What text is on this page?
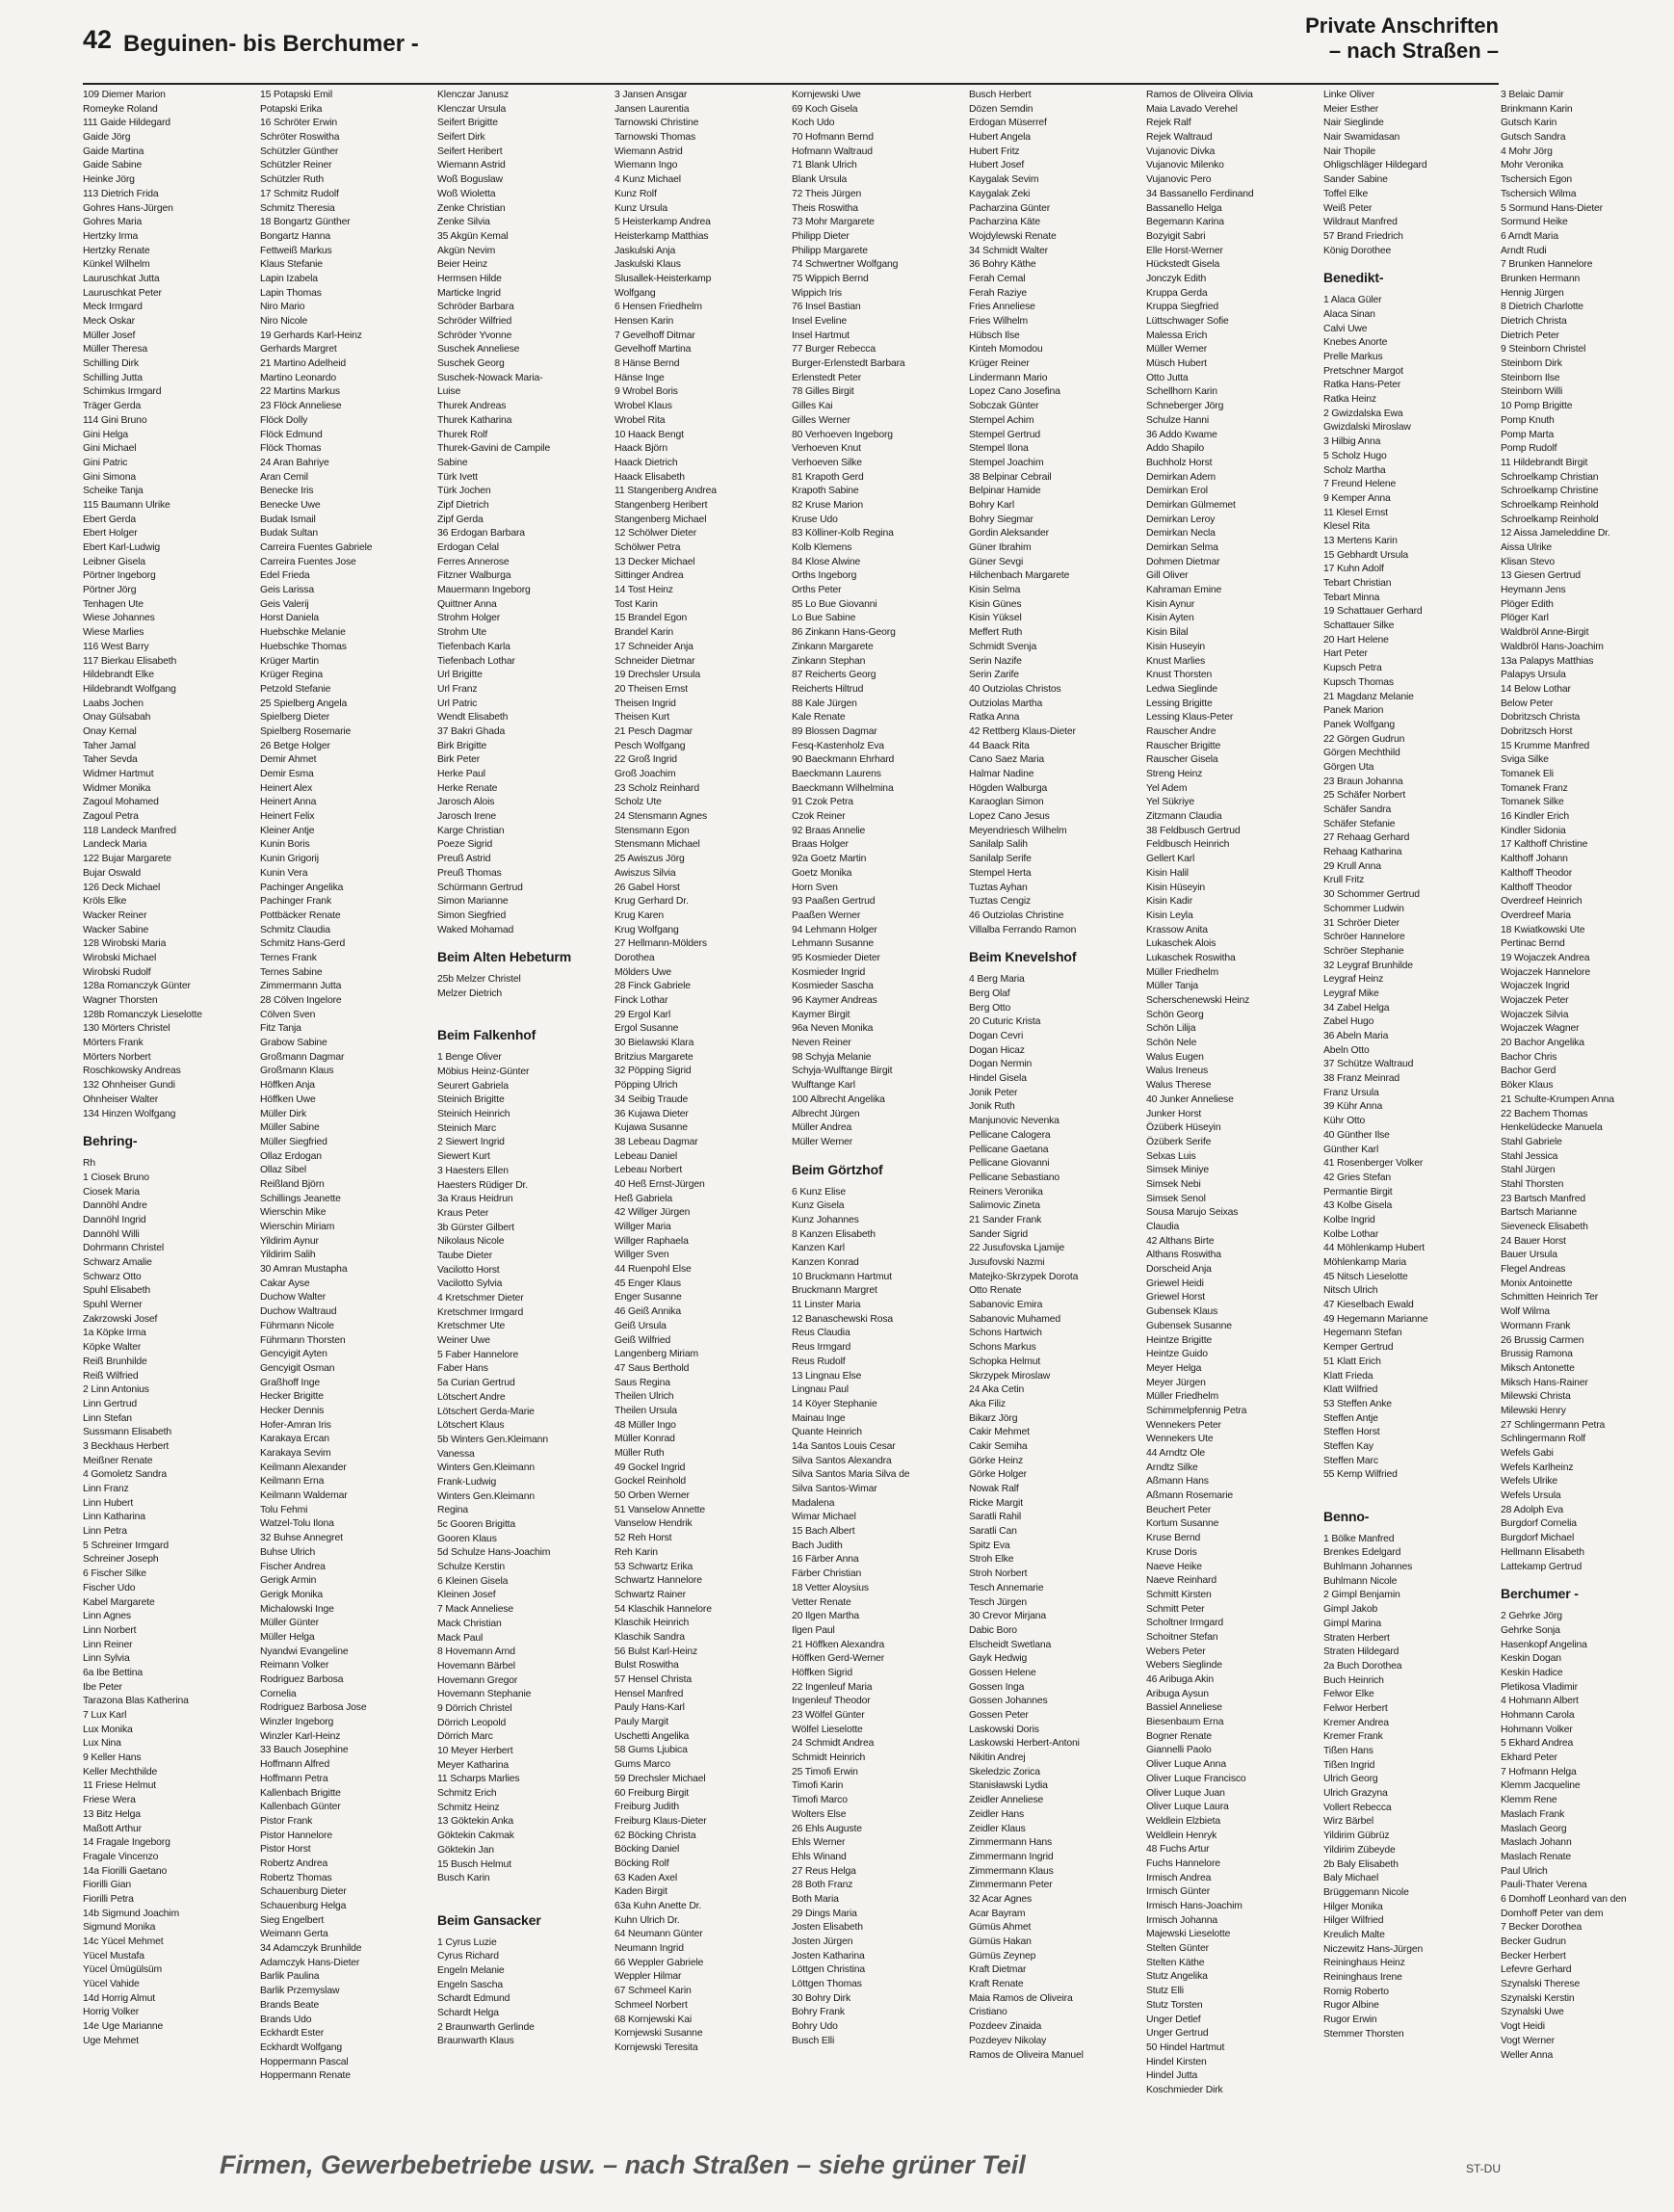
42 Beguinen- bis Berchumer -
Private Anschriften
– nach Straßen –
109 Diemer Marion
Romeyke Roland
111 Gaide Hildegard
Gaide Jörg
Gaide Martina
Gaide Sabine
Heinke Jörg
113 Dietrich Frida
Gohres Hans-Jürgen
Gohres Maria
Hertzky Irma
Hertzky Renate
Künkel Wilhelm
Lauruschkat Jutta
Lauruschkat Peter
Meck Irmgard
Meck Oskar
Müller Josef
Müller Theresa
Schilling Dirk
Schilling Jutta
Schimkus Irmgard
Träger Gerda
114 Gini Bruno
Gini Helga
Gini Michael
Gini Patric
Gini Simona
Scheike Tanja
115 Baumann Ulrike
Ebert Gerda
Ebert Holger
Ebert Karl-Ludwig
Leibner Gisela
Pörtner Ingeborg
Pörtner Jörg
Tenhagen Ute
Wiese Johannes
Wiese Marlies
116 West Barry
117 Bierkau Elisabeth
Hildebrandt Elke
Hildebrandt Wolfgang
Laabs Jochen
Onay Gülsabah
Onay Kemal
Taher Jamal
Taher Sevda
Widmer Hartmut
Widmer Monika
Zagoul Mohamed
Zagoul Petra
118 Landeck Manfred
Landeck Maria
122 Bujar Margarete
Bujar Oswald
126 Deck Michael
Kröls Elke
Wacker Reiner
Wacker Sabine
128 Wirobski Maria
Wirobski Michael
Wirobski Rudolf
128a Romanczyk Günter
Wagner Thorsten
128b Romanczyk Lieselotte
130 Mörters Christel
Mörters Frank
Mörters Norbert
Roschkowsky Andreas
132 Ohnheiser Gundi
Ohnheiser Walter
134 Hinzen Wolfgang
Behring-
Rh
1 Ciosek Bruno
Ciosek Maria
Dannöhl Andre
Dannöhl Ingrid
Dannöhl Willi
Dohrmann Christel
Schwarz Amalie
Schwarz Otto
Spuhl Elisabeth
Spuhl Werner
Zakrzowski Josef
1a Köpke Irma
Köpke Walter
Reiß Brunhilde
Reiß Wilfried
2 Linn Antonius
Linn Gertrud
Linn Stefan
Sussmann Elisabeth
3 Beckhaus Herbert
Meißner Renate
4 Gomoletz Sandra
Linn Franz
Linn Hubert
Linn Katharina
Linn Petra
5 Schreiner Irmgard
Schreiner Joseph
6 Fischer Silke
Fischer Udo
Kabel Margarete
Linn Agnes
Linn Norbert
Linn Reiner
Linn Sylvia
6a Ibe Bettina
Ibe Peter
Tarazona Blas Katherina
7 Lux Karl
Lux Monika
Lux Nina
9 Keller Hans
Keller Mechthilde
11 Friese Helmut
Friese Wera
13 Bitz Helga
Maßott Arthur
14 Fragale Ingeborg
Fragale Vincenzo
14a Fiorilli Gaetano
Fiorilli Gian
Fiorilli Petra
14b Sigmund Joachim
Sigmund Monika
14c Yücel Mehmet
Yücel Mustafa
Yücel Ümügülsüm
Yücel Vahide
14d Horrig Almut
Horrig Volker
14e Uge Marianne
Uge Mehmet
15 Potapski Emil
Potapski Erika
16 Schröter Erwin
Schröter Roswitha
Schützler Günther
Schützler Reiner
Schützler Ruth
17 Schmitz Rudolf
Schmitz Theresia
18 Bongartz Günther
Bongartz Hanna
Fettweiß Markus
Klaus Stefanie
Lapin Izabela
Lapin Thomas
Niro Mario
Niro Nicole
19 Gerhards Karl-Heinz
Gerhards Margret
21 Martino Adelheid
Martino Leonardo
22 Martins Markus
23 Flöck Anneliese
Flöck Dolly
Flöck Edmund
Flöck Thomas
24 Aran Bahriye
Aran Cemil
Benecke Iris
Benecke Uwe
Budak Ismail
Budak Sultan
Carreira Fuentes Gabriele
Carreira Fuentes Jose
Edel Frieda
Geis Larissa
Geis Valerij
Horst Daniela
Huebschke Melanie
Huebschke Thomas
Krüger Martin
Krüger Regina
Petzold Stefanie
25 Spielberg Angela
Spielberg Dieter
Spielberg Rosemarie
26 Betge Holger
Demir Ahmet
Demir Esma
Heinert Alex
Heinert Anna
Heinert Felix
Kleiner Antje
Kunin Boris
Kunin Grigorij
Kunin Vera
Pachinger Angelika
Pachinger Frank
Pottbäcker Renate
Schmitz Claudia
Schmitz Hans-Gerd
Ternes Frank
Ternes Sabine
Zimmermann Jutta
28 Cölven Ingelore
Cölven Sven
Fitz Tanja
Grabow Sabine
Großmann Dagmar
Großmann Klaus
Höffken Anja
Höffken Uwe
Müller Dirk
Müller Sabine
Müller Siegfried
Ollaz Erdogan
Ollaz Sibel
Reißland Björn
Schillings Jeanette
Wierschin Mike
Wierschin Miriam
Yildirim Aynur
Yildirim Salih
30 Amran Mustapha
Cakar Ayse
Duchow Walter
Duchow Waltraud
Führmann Nicole
Führmann Thorsten
Gencyigit Ayten
Gencyigit Osman
Graßhoff Inge
Hecker Brigitte
Hecker Dennis
Hofer-Amran Iris
Karakaya Ercan
Karakaya Sevim
Keilmann Alexander
Keilmann Erna
Keilmann Waldemar
Tolu Fehmi
Watzel-Tolu Ilona
32 Buhse Annegret
Buhse Ulrich
Fischer Andrea
Gerigk Armin
Gerigk Monika
Michalowski Inge
Müller Günter
Müller Helga
Nyandwi Evangeline
Reimann Volker
Rodriguez Barbosa
Cornelia
Rodriguez Barbosa Jose
Winzler Ingeborg
Winzler Karl-Heinz
33 Bauch Josephine
Hoffmann Alfred
Hoffmann Petra
Kallenbach Brigitte
Kallenbach Günter
Pistor Frank
Pistor Hannelore
Pistor Horst
Robertz Andrea
Robertz Thomas
Schauenburg Dieter
Schauenburg Helga
Sieg Engelbert
Weimann Gerta
34 Adamczyk Brunhilde
Adamczyk Hans-Dieter
Barlik Paulina
Barlik Przemyslaw
Brands Beate
Brands Udo
Eckhardt Ester
Eckhardt Wolfgang
Hoppermann Pascal
Hoppermann Renate
Klenczar Janusz
Klenczar Ursula
Seifert Brigitte
Seifert Dirk
Seifert Heribert
Wiemann Astrid
Woß Boguslaw
Woß Wioletta
Zenke Christian
Zenke Silvia
35 Akgün Kemal
Akgün Nevim
Beier Heinz
Hermsen Hilde
Marticke Ingrid
Schröder Barbara
Schröder Wilfried
Schröder Yvonne
Suschek Anneliese
Suschek Georg
Suschek-Nowack Maria-
Luise
Thurek Andreas
Thurek Katharina
Thurek Rolf
Thurek-Gavini de Campile
Sabine
Türk Ivett
Türk Jochen
Zipf Dietrich
Zipf Gerda
36 Erdogan Barbara
Erdogan Celal
Ferres Annerose
Fitzner Walburga
Mauermann Ingeborg
Quittner Anna
Strohm Holger
Strohm Ute
Tiefenbach Karla
Tiefenbach Lothar
Url Brigitte
Url Franz
Url Patric
Wendt Elisabeth
37 Bakri Ghada
Birk Brigitte
Birk Peter
Herke Paul
Herke Renate
Jarosch Alois
Jarosch Irene
Karge Christian
Poeze Sigrid
Preuß Astrid
Preuß Thomas
Schürmann Gertrud
Simon Marianne
Simon Siegfried
Waked Mohamad
Beim Alten Hebeturm
25b Melzer Christel
Melzer Dietrich
Beim Falkenhof
1 Benge Oliver
Möbius Heinz-Günter
Seurert Gabriela
Steinich Brigitte
Steinich Heinrich
Steinich Marc
2 Siewert Ingrid
Siewert Kurt
3 Haesters Ellen
Haesters Rüdiger Dr.
3a Kraus Heidrun
Kraus Peter
3b Gürster Gilbert
Nikolaus Nicole
Taube Dieter
Vacilotto Horst
Vacilotto Sylvia
4 Kretschmer Dieter
Kretschmer Irmgard
Kretschmer Ute
Weiner Uwe
5 Faber Hannelore
Faber Hans
5a Curian Gertrud
Lötschert Andre
Lötschert Gerda-Marie
Lötschert Klaus
5b Winters Gen.Kleimann
Vanessa
Winters Gen.Kleimann
Frank-Ludwig
Winters Gen.Kleimann
Regina
5c Gooren Brigitta
Gooren Klaus
5d Schulze Hans-Joachim
Schulze Kerstin
6 Kleinen Gisela
Kleinen Josef
7 Mack Anneliese
Mack Christian
Mack Paul
8 Hovemann Arnd
Hovemann Bärbel
Hovemann Gregor
Hovemann Stephanie
9 Dörrich Christel
Dörrich Leopold
Dörrich Marc
10 Meyer Herbert
Meyer Katharina
11 Scharps Marlies
Schmitz Erich
Schmitz Heinz
13 Göktekin Anka
Göktekin Cakmak
Göktekin Jan
15 Busch Helmut
Busch Karin
Beim Gansacker
1 Cyrus Luzie
Cyrus Richard
Engeln Melanie
Engeln Sascha
Schardt Edmund
Schardt Helga
2 Braunwarth Gerlinde
Braunwarth Klaus
3 Jansen Ansgar
Jansen Laurentia
Tarnowski Christine
Tarnowski Thomas
Wiemann Astrid
Wiemann Ingo
4 Kunz Michael
Kunz Rolf
Kunz Ursula
5 Heisterkamp Andrea
Heisterkamp Matthias
Jaskulski Anja
Jaskulski Klaus
Slusallek-Heisterkamp
Wolfgang
6 Hensen Friedhelm
Hensen Karin
7 Gevelhoff Ditmar
Gevelhoff Martina
8 Hänse Bernd
Hänse Inge
9 Wrobel Boris
Wrobel Klaus
Wrobel Rita
10 Haack Bengt
Haack Björn
Haack Dietrich
Haack Elisabeth
11 Stangenberg Andrea
Stangenberg Heribert
Stangenberg Michael
12 Schölwer Dieter
Schölwer Petra
13 Decker Michael
Sittinger Andrea
14 Tost Heinz
Tost Karin
15 Brandel Egon
Brandel Karin
17 Schneider Anja
Schneider Dietmar
19 Drechsler Ursula
20 Theisen Ernst
Theisen Ingrid
Theisen Kurt
21 Pesch Dagmar
Pesch Wolfgang
22 Groß Ingrid
Groß Joachim
23 Scholz Reinhard
Scholz Ute
24 Stensmann Agnes
Stensmann Egon
Stensmann Michael
25 Awiszus Jörg
Awiszus Silvia
26 Gabel Horst
Krug Gerhard Dr.
Krug Karen
Krug Wolfgang
27 Hellmann-Mölders
Dorothea
Mölders Uwe
28 Finck Gabriele
Finck Lothar
29 Ergol Karl
Ergol Susanne
30 Bielawski Klara
Britzius Margarete
32 Pöpping Sigrid
Pöpping Ulrich
34 Seibig Traude
36 Kujawa Dieter
Kujawa Susanne
38 Lebeau Dagmar
Lebeau Daniel
Lebeau Norbert
40 Heß Ernst-Jürgen
Heß Gabriela
42 Willger Jürgen
Willger Maria
Willger Raphaela
Willger Sven
44 Ruenpohl Else
45 Enger Klaus
Enger Susanne
46 Geiß Annika
Geiß Ursula
Geiß Wilfried
Langenberg Miriam
47 Saus Berthold
Saus Regina
Theilen Ulrich
Theilen Ursula
48 Müller Ingo
Müller Konrad
Müller Ruth
49 Gockel Ingrid
Gockel Reinhold
50 Orben Werner
51 Vanselow Annette
Vanselow Hendrik
52 Reh Horst
Reh Karin
53 Schwartz Erika
Schwartz Hannelore
Schwartz Rainer
54 Klaschik Hannelore
Klaschik Heinrich
Klaschik Sandra
56 Bulst Karl-Heinz
Bulst Roswitha
57 Hensel Christa
Hensel Manfred
Pauly Hans-Karl
Pauly Margit
Uschetti Angelika
58 Gums Ljubica
Gums Marco
59 Drechsler Michael
60 Freiburg Birgit
Freiburg Judith
Freiburg Klaus-Dieter
62 Böcking Christa
Böcking Daniel
Böcking Rolf
63 Kaden Axel
Kaden Birgit
63a Kuhn Anette Dr.
Kuhn Ulrich Dr.
64 Neumann Günter
Neumann Ingrid
66 Weppler Gabriele
Weppler Hilmar
67 Schmeel Karin
Schmeel Norbert
68 Kornjewski Kai
Kornjewski Susanne
Kornjewski Teresita
Kornjewski Uwe
69 Koch Gisela
Koch Udo
70 Hofmann Bernd
Hofmann Waltraud
71 Blank Ulrich
Blank Ursula
72 Theis Jürgen
Theis Roswitha
73 Mohr Margarete
Philipp Dieter
Philipp Margarete
74 Schwertner Wolfgang
75 Wippich Bernd
Wippich Iris
76 Insel Bastian
Insel Eveline
Insel Hartmut
77 Burger Rebecca
Burger-Erlenstedt Barbara
Erlenstedt Peter
78 Gilles Birgit
Gilles Kai
Gilles Werner
80 Verhoeven Ingeborg
Verhoeven Knut
Verhoeven Silke
81 Krapoth Gerd
Krapoth Sabine
82 Kruse Marion
Kruse Udo
83 Kölliner-Kolb Regina
Kolb Klemens
84 Klose Alwine
Orths Ingeborg
Orths Peter
85 Lo Bue Giovanni
Lo Bue Sabine
86 Zinkann Hans-Georg
Zinkann Margarete
Zinkann Stephan
87 Reicherts Georg
Reicherts Hiltrud
88 Kale Jürgen
Kale Renate
89 Blossen Dagmar
Fesq-Kastenholz Eva
90 Baeckmann Ehrhard
Baeckmann Laurens
Baeckmann Wilhelmina
91 Czok Petra
Czok Reiner
92 Braas Annelie
Braas Holger
92a Goetz Martin
Goetz Monika
Horn Sven
93 Paaßen Gertrud
Paaßen Werner
94 Lehmann Holger
Lehmann Susanne
95 Kosmieder Dieter
Kosmieder Ingrid
Kosmieder Sascha
96 Kaymer Andreas
Kaymer Birgit
96a Neven Monika
Neven Reiner
98 Schyja Melanie
Schyja-Wulftange Birgit
Wulftange Karl
100 Albrecht Angelika
Albrecht Jürgen
Müller Andrea
Müller Werner
Beim Görtzhof
6 Kunz Elise
Kunz Gisela
Kunz Johannes
8 Kanzen Elisabeth
Kanzen Karl
Kanzen Konrad
10 Bruckmann Hartmut
Bruckmann Margret
11 Linster Maria
12 Banaschewski Rosa
Reus Claudia
Reus Irmgard
Reus Rudolf
13 Lingnau Else
Lingnau Paul
14 Köyer Stephanie
Mainau Inge
Quante Heinrich
14a Santos Louis Cesar
Silva Santos Alexandra
Silva Santos Maria Silva de
Silva Santos-Wimar
Madalena
Wimar Michael
15 Bach Albert
Bach Judith
16 Färber Anna
Färber Christian
18 Vetter Aloysius
Vetter Renate
20 Ilgen Martha
Ilgen Paul
21 Höffken Alexandra
Höffken Gerd-Werner
Höffken Sigrid
22 Ingenleuf Maria
Ingenleuf Theodor
23 Wölfel Günter
Wölfel Lieselotte
24 Schmidt Andrea
Schmidt Heinrich
25 Timofi Erwin
Timofi Karin
Timofi Marco
Wolters Else
26 Ehls Auguste
Ehls Werner
Ehls Winand
27 Reus Helga
28 Both Franz
Both Maria
29 Dings Maria
Josten Elisabeth
Josten Jürgen
Josten Katharina
Löttgen Christina
Löttgen Thomas
30 Bohry Dirk
Bohry Frank
Bohry Udo
Busch Elli
Busch Herbert
Dözen Semdin
Erdogan Müserref
Hubert Angela
Hubert Fritz
Hubert Josef
Kaygalak Sevim
Kaygalak Zeki
Pacharzina Günter
Pacharzina Käte
Wojdylewski Renate
34 Schmidt Walter
36 Bohry Käthe
Ferah Cemal
Ferah Raziye
Fries Anneliese
Fries Wilhelm
Hübsch Ilse
Kinteh Momodou
Krüger Reiner
Lindermann Mario
Lopez Cano Josefina
Sobczak Günter
Stempel Achim
Stempel Gertrud
Stempel Ilona
Stempel Joachim
38 Belpinar Cebrail
Belpinar Hamide
Bohry Karl
Bohry Siegmar
Gordin Aleksander
Güner Ibrahim
Güner Sevgi
Hilchenbach Margarete
Kisin Selma
Kisin Günes
Kisin Yüksel
Meffert Ruth
Schmidt Svenja
Serin Nazife
Serin Zarife
40 Outziolas Christos
Outziolas Martha
Ratka Anna
42 Rettberg Klaus-Dieter
44 Baack Rita
Cano Saez Maria
Halmar Nadine
Högden Walburga
Karaoglan Simon
Lopez Cano Jesus
Meyendriesch Wilhelm
Sanilalp Salih
Sanilalp Serife
Stempel Herta
Tuztas Ayhan
Tuztas Cengiz
46 Outziolas Christine
Villalba Ferrando Ramon
Beim Knevelshof
4 Berg Maria
Berg Olaf
Berg Otto
20 Cuturic Krista
Dogan Cevri
Dogan Hicaz
Dogan Nermin
Hindel Gisela
Jonik Peter
Jonik Ruth
Manjunovic Nevenka
Pellicane Calogera
Pellicane Gaetana
Pellicane Giovanni
Pellicane Sebastiano
Reiners Veronika
Salimovic Zineta
21 Sander Frank
Sander Sigrid
22 Jusufovska Ljamije
Jusufovski Nazmi
Matejko-Skrzypek Dorota
Otto Renate
Sabanovic Emira
Sabanovic Muhamed
Schons Hartwich
Schons Markus
Schopka Helmut
Skrzypek Miroslaw
24 Aka Cetin
Aka Filiz
Bikarz Jörg
Cakir Mehmet
Cakir Semiha
Görke Heinz
Görke Holger
Nowak Ralf
Ricke Margit
Saratli Rahil
Saratli Can
Spitz Eva
Stroh Elke
Stroh Norbert
Tesch Annemarie
Tesch Jürgen
30 Crevor Mirjana
Dabic Boro
Elscheidt Swetlana
Gayk Hedwig
Gossen Helene
Gossen Inga
Gossen Johannes
Gossen Peter
Laskowski Doris
Laskowski Herbert-Antoni
Nikitin Andrej
Skeledzic Zorica
Stanisławski Lydia
Zeidler Anneliese
Zeidler Hans
Zeidler Klaus
Zimmermann Hans
Zimmermann Ingrid
Zimmermann Klaus
Zimmermann Peter
32 Acar Agnes
Acar Bayram
Gümüs Ahmet
Gümüs Hakan
Gümüs Zeynep
Kraft Dietmar
Kraft Renate
Maia Ramos de Oliveira
Cristiano
Pozdeev Zinaida
Pozdeyev Nikolay
Ramos de Oliveira Manuel
Ramos de Oliveira Olivia
Maia Lavado Verehel
Rejek Ralf
Rejek Waltraud
Vujanovic Divka
Vujanovic Milenko
Vujanovic Pero
34 Bassanello Ferdinand
Bassanello Helga
Begemann Karina
Bozyigit Sabri
Elle Horst-Werner
Hückstedt Gisela
Jonczyk Edith
Kruppa Gerda
Kruppa Siegfried
Lüttschwager Sofie
Malessa Erich
Müller Werner
Müsch Hubert
Otto Jutta
Schellhorn Karin
Schneberger Jörg
Schulze Hanni
36 Addo Kwame
Addo Shapilo
Buchholz Horst
Demirkan Adem
Demirkan Erol
Demirkan Gülmemet
Demirkan Leroy
Demirkan Necla
Demirkan Selma
Dohmen Dietmar
Gill Oliver
Kahraman Emine
Kisin Aynur
Kisin Ayten
Kisin Bilal
Kisin Huseyin
Knust Marlies
Knust Thorsten
Ledwa Sieglinde
Lessing Brigitte
Lessing Klaus-Peter
Rauscher Andre
Rauscher Brigitte
Rauscher Gisela
Streng Heinz
Yel Adem
Yel Sükriye
Zitzmann Claudia
38 Feldbusch Gertrud
Feldbusch Heinrich
Gellert Karl
Kisin Halil
Kisin Hüseyin
Kisin Kadir
Kisin Leyla
Krassow Anita
Lukaschek Alois
Lukaschek Roswitha
Müller Friedhelm
Müller Tanja
Scherschenewski Heinz
Schön Georg
Schön Lilija
Schön Nele
Walus Eugen
Walus Ireneus
Walus Therese
40 Junker Anneliese
Junker Horst
Özüberk Hüseyin
Özüberk Serife
Selxas Luis
Simsek Miniye
Simsek Nebi
Simsek Senol
Sousa Marujo Seixas
Claudia
42 Althans Birte
Althans Roswitha
Dorscheid Anja
Griewel Heidi
Griewel Horst
Gubensek Klaus
Gubensek Susanne
Heintze Brigitte
Heintze Guido
Meyer Helga
Meyer Jürgen
Müller Friedhelm
Schimmelpfennig Petra
Wennekers Peter
Wennekers Ute
44 Arndtz Ole
Arndtz Silke
Aßmann Hans
Aßmann Rosemarie
Beuchert Peter
Kortum Susanne
Kruse Bernd
Kruse Doris
Naeve Heike
Naeve Reinhard
Schmitt Kirsten
Schmitt Peter
Scholtner Irmgard
Schoitner Stefan
Webers Peter
Webers Sieglinde
46 Aribuga Akin
Aribuga Aysun
Bassiel Anneliese
Biesenbaum Erna
Bogner Renate
Giannelli Paolo
Oliver Luque Anna
Oliver Luque Francisco
Oliver Luque Juan
Oliver Luque Laura
Weldlein Elzbieta
Weldlein Henryk
48 Fuchs Artur
Fuchs Hannelore
Irmisch Andrea
Irmisch Günter
Irmisch Hans-Joachim
Irmisch Johanna
Majewski Lieselotte
Stelten Günter
Stelten Käthe
Stutz Angelika
Stutz Elli
Stutz Torsten
Unger Detlef
Unger Gertrud
50 Hindel Hartmut
Hindel Kirsten
Hindel Jutta
Koschmieder Dirk
Linke Oliver
Meier Esther
Nair Sieglinde
Nair Swamidasan
Nair Thopile
Ohligschläger Hildegard
Sander Sabine
Toffel Elke
Weiß Peter
Wildraut Manfred
57 Brand Friedrich
König Dorothee
Benedikt-
1 Alaca Güler
Alaca Sinan
Calvi Uwe
Knebes Anorte
Prelle Markus
Pretschner Margot
Ratka Hans-Peter
Ratka Heinz
2 Gwizdalska Ewa
Gwizdalski Miroslaw
3 Hilbig Anna
5 Scholz Hugo
Scholz Martha
7 Freund Helene
9 Kemper Anna
11 Klesel Ernst
Klesel Rita
13 Mertens Karin
15 Gebhardt Ursula
17 Kuhn Adolf
Tebart Christian
Tebart Minna
19 Schattauer Gerhard
Schattauer Silke
20 Hart Helene
Hart Peter
Kupsch Petra
Kupsch Thomas
21 Magdanz Melanie
Panek Marion
Panek Wolfgang
22 Görgen Gudrun
Görgen Mechthild
Görgen Uta
23 Braun Johanna
25 Schäfer Norbert
Schäfer Sandra
Schäfer Stefanie
27 Rehaag Gerhard
Rehaag Katharina
29 Krull Anna
Krull Fritz
30 Schommer Gertrud
Schommer Ludwin
31 Schröer Dieter
Schröer Hannelore
Schröer Stephanie
32 Leygraf Brunhilde
Leygraf Heinz
Leygraf Mike
34 Zabel Helga
Zabel Hugo
36 Abeln Maria
Abeln Otto
37 Schütze Waltraud
38 Franz Meinrad
Franz Ursula
39 Kühr Anna
Kühr Otto
40 Günther Ilse
Günther Karl
41 Rosenberger Volker
42 Gries Stefan
Permantie Birgit
43 Kolbe Gisela
Kolbe Ingrid
Kolbe Lothar
44 Möhlenkamp Hubert
Möhlenkamp Maria
45 Nitsch Lieselotte
Nitsch Ulrich
47 Kieselbach Ewald
49 Hegemann Marianne
Hegemann Stefan
Kemper Gertrud
51 Klatt Erich
Klatt Frieda
Klatt Wilfried
53 Steffen Anke
Steffen Antje
Steffen Horst
Steffen Kay
Steffen Marc
55 Kemp Wilfried
Benno-
1 Bölke Manfred
Brenkes Edelgard
Buhlmann Johannes
Buhlmann Nicole
2 Gimpl Benjamin
Gimpl Jakob
Gimpl Marina
Straten Herbert
Straten Hildegard
2a Buch Dorothea
Buch Heinrich
Felwor Elke
Felwor Herbert
Kremer Andrea
Kremer Frank
Tißen Hans
Tißen Ingrid
Ulrich Georg
Ulrich Grazyna
Vollert Rebecca
Wirz Bärbel
Yildirim Gübrüz
Yildirim Zübeyde
2b Baly Elisabeth
Baly Michael
Brüggemann Nicole
Hilger Monika
Hilger Wilfried
Kreulich Malte
Niczewitz Hans-Jürgen
Reininghaus Heinz
Reininghaus Irene
Romig Roberto
Rugor Albine
Rugor Erwin
Stemmer Thorsten
3 Belaic Damir
Brinkmann Karin
Gutsch Karin
Gutsch Sandra
4 Mohr Jörg
Mohr Veronika
Tschersich Egon
Tschersich Wilma
5 Sormund Hans-Dieter
Sormund Heike
6 Arndt Maria
Arndt Rudi
7 Brunken Hannelore
Brunken Hermann
Hennig Jürgen
8 Dietrich Charlotte
Dietrich Christa
Dietrich Peter
9 Steinborn Christel
Steinborn Dirk
Steinborn Ilse
Steinborn Willi
10 Pomp Brigitte
Pomp Knuth
Pomp Marta
Pomp Rudolf
11 Hildebrandt Birgit
Schroelkamp Christian
Schroelkamp Christine
Schroelkamp Reinhold
Schroelkamp Reinhold
12 Aissa Jameleddine Dr.
Aissa Ulrike
Klisan Stevo
13 Giesen Gertrud
Heymann Jens
Plöger Edith
Plöger Karl
Waldbröl Anne-Birgit
Waldbröl Hans-Joachim
13a Palapys Matthias
Palapys Ursula
14 Below Lothar
Below Peter
Dobritzsch Christa
Dobritzsch Horst
15 Krumme Manfred
Sviga Silke
Tomanek Eli
Tomanek Franz
Tomanek Silke
16 Kindler Erich
Kindler Sidonia
17 Kalthoff Christine
Kalthoff Johann
Kalthoff Theodor
Kalthoff Theodor
Overdreef Heinrich
Overdreef Maria
18 Kwiatkowski Ute
Pertinac Bernd
19 Wojaczek Andrea
Wojaczek Hannelore
Wojaczek Ingrid
Wojaczek Peter
Wojaczek Silvia
Wojaczek Wagner
20 Bachor Angelika
Bachor Chris
Bachor Gerd
Böker Klaus
21 Schulte-Krumpen Anna
22 Bachem Thomas
Henkelüdecke Manuela
Stahl Gabriele
Stahl Jessica
Stahl Jürgen
Stahl Thorsten
23 Bartsch Manfred
Bartsch Marianne
Sieveneck Elisabeth
24 Bauer Horst
Bauer Ursula
Flegel Andreas
Monix Antoinette
Schmitten Heinrich Ter
Wolf Wilma
Wormann Frank
26 Brussig Carmen
Brussig Ramona
Miksch Antonette
Miksch Hans-Rainer
Milewski Christa
Milewski Henry
27 Schlingermann Petra
Schlingermann Rolf
Wefels Gabi
Wefels Karlheinz
Wefels Ulrike
Wefels Ursula
28 Adolph Eva
Burgdorf Cornelia
Burgdorf Michael
Hellmann Elisabeth
Lattekamp Gertrud
Berchumer -
2 Gehrke Jörg
Gehrke Sonja
Hasenkopf Angelina
Keskin Dogan
Keskin Hadice
Pletikosa Vladimir
4 Hohmann Albert
Hohmann Carola
Hohmann Volker
5 Ekhard Andrea
Ekhard Peter
7 Hofmann Helga
Klemm Jacqueline
Klemm Rene
Maslach Frank
Maslach Georg
Maslach Johann
Maslach Renate
Paul Ulrich
Pauli-Thater Verena
6 Domhoff Leonhard van den
Domhoff Peter van dem
7 Becker Dorothea
Becker Gudrun
Becker Herbert
Lefevre Gerhard
Szynalski Therese
Szynalski Kerstin
Szynalski Uwe
Vogt Heidi
Vogt Werner
Weller Anna
Firmen, Gewerbebetriebe usw. – nach Straßen – siehe grüner Teil	ST-DU
